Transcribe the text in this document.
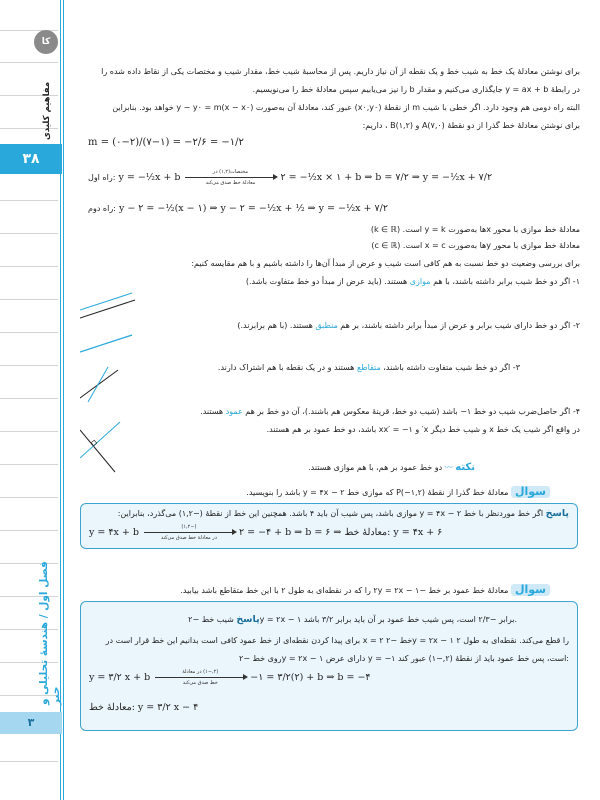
کا
مفاهیم کلیدی
۳۸
فصل اول / هندسهٔ تحلیلی و جبر
۳
برای نوشتن معادلهٔ یک خط به شیب خط و یک نقطه از آن نیاز داریم. پس از محاسبهٔ شیب خط، مقدار شیب و مختصات یکی از نقاط داده شده را
در رابطهٔ y = ax + b جایگذاری می‌کنیم و مقدار b را نیز می‌یابیم سپس معادلهٔ خط را می‌نویسیم.
البته راه دومی هم وجود دارد. اگر خطی با شیب m از نقطهٔ (x۰,y۰) عبور کند، معادلهٔ آن به‌صورت y − y۰ = m(x − x۰) خواهد بود. بنابراین
برای نوشتن معادلهٔ خط گذرا از دو نقطهٔ A(۷,۰) و B(۱,۲) ، داریم:
m = (۰−۲)/(۷−۱) = −۲/۶ = −۱/۲
راه اول: y = −½x + b	مختصات(۱,۲) در
معادلهٔ خط صدق می‌کند	۲ = −½x × ۱ + b ⇒ b = ۷/۲ ⇒ y = −½x + ۷/۲
راه دوم: y − ۲ = −½(x − ۱) ⇒ y − ۲ = −½x + ½ ⇒ y = −½x + ۷/۲
معادلهٔ خط موازی با محور xها به‌صورت y = k است. (k ∈ ℝ)
معادلهٔ خط موازی با محور yها به‌صورت x = c است. (c ∈ ℝ)
برای بررسی وضعیت دو خط نسبت به هم کافی است شیب و عرض از مبدأ آن‌ها را داشته باشیم و با هم مقایسه کنیم:
۱- اگر دو خط شیب برابر داشته باشند، با هم موازی هستند. (باید عرض از مبدأ دو خط متفاوت باشد.)
۲- اگر دو خط دارای شیب برابر و عرض از مبدأ برابر داشته باشند، بر هم منطبق هستند. (با هم برابرند.)
۳- اگر دو خط شیب متفاوت داشته باشند، متقاطع هستند و در یک نقطه با هم اشتراک دارند.
۴- اگر حاصل‌ضرب شیب دو خط ۱− باشد (شیب دو خط، قرینهٔ معکوس هم باشند.)، آن دو خط بر هم عمود هستند.
در واقع اگر شیب یک خط x و شیب خط دیگر x′ و xx′ = −۱ باشد، دو خط عمود بر هم هستند.
نکته 〰 دو خط عمود بر هم، با هم موازی هستند.
سوال معادلهٔ خط گذرا از نقطهٔ P(−۱,۲) که موازی خط y = ۴x − ۲ باشد را بنویسید.
پاسخ اگر خط موردنظر با خط y = ۴x − ۲ موازی باشد، پس شیب آن باید ۴ باشد. همچنین این خط از نقطهٔ (−۱,۲) می‌گذرد، بنابراین:
y = ۴x + b	(−۱,۲)
در معادلهٔ خط صدق می‌کند	۲ = −۴ + b ⇒ b = ۶ ⇒ معادلهٔ خط: y = ۴x + ۶
سوال معادلهٔ خط عمود بر خط −۲y = ۲x − ۱ را که در نقطه‌ای به طول ۲ با این خط متقاطع باشد بیابید.
پاسخ شیب خط −۲y = ۲x − ۱ برابر −۲/۳ است، پس شیب خط عمود بر آن باید برابر ۳/۲ باشد.
برای پیدا کردن نقطه‌ای از خط عمود کافی است بدانیم این خط قرار است در x = ۲ خط −۲y = ۲x − ۱ را قطع می‌کند. نقطه‌ای به طول ۲
روی خط −۲y = ۲x − ۱ دارای عرض y = −۱ است، پس خط عمود باید از نقطهٔ (۲,−۱) عبور کند:
y = ۳/۲ x + b	(۲,−۱) در معادلهٔ
خط صدق می‌کند	−۱ = ۳/۲(۲) + b ⇒ b = −۴
معادلهٔ خط: y = ۳/۲ x − ۴
